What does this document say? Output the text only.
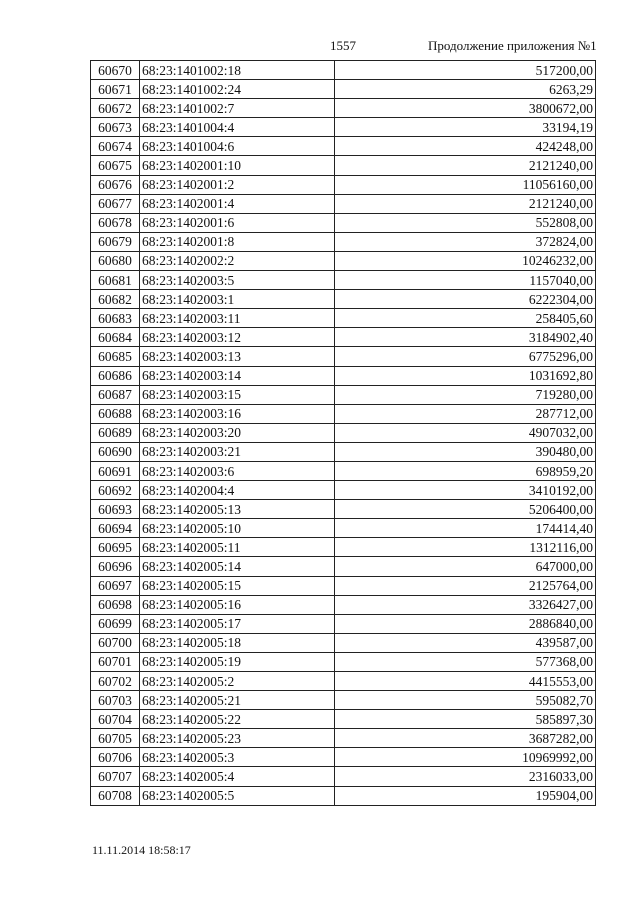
1557	Продолжение приложения №1
60670	68:23:1401002:18	517200,00
60671	68:23:1401002:24	6263,29
60672	68:23:1401002:7	3800672,00
60673	68:23:1401004:4	33194,19
60674	68:23:1401004:6	424248,00
60675	68:23:1402001:10	2121240,00
60676	68:23:1402001:2	11056160,00
60677	68:23:1402001:4	2121240,00
60678	68:23:1402001:6	552808,00
60679	68:23:1402001:8	372824,00
60680	68:23:1402002:2	10246232,00
60681	68:23:1402003:5	1157040,00
60682	68:23:1402003:1	6222304,00
60683	68:23:1402003:11	258405,60
60684	68:23:1402003:12	3184902,40
60685	68:23:1402003:13	6775296,00
60686	68:23:1402003:14	1031692,80
60687	68:23:1402003:15	719280,00
60688	68:23:1402003:16	287712,00
60689	68:23:1402003:20	4907032,00
60690	68:23:1402003:21	390480,00
60691	68:23:1402003:6	698959,20
60692	68:23:1402004:4	3410192,00
60693	68:23:1402005:13	5206400,00
60694	68:23:1402005:10	174414,40
60695	68:23:1402005:11	1312116,00
60696	68:23:1402005:14	647000,00
60697	68:23:1402005:15	2125764,00
60698	68:23:1402005:16	3326427,00
60699	68:23:1402005:17	2886840,00
60700	68:23:1402005:18	439587,00
60701	68:23:1402005:19	577368,00
60702	68:23:1402005:2	4415553,00
60703	68:23:1402005:21	595082,70
60704	68:23:1402005:22	585897,30
60705	68:23:1402005:23	3687282,00
60706	68:23:1402005:3	10969992,00
60707	68:23:1402005:4	2316033,00
60708	68:23:1402005:5	195904,00
11.11.2014 18:58:17
